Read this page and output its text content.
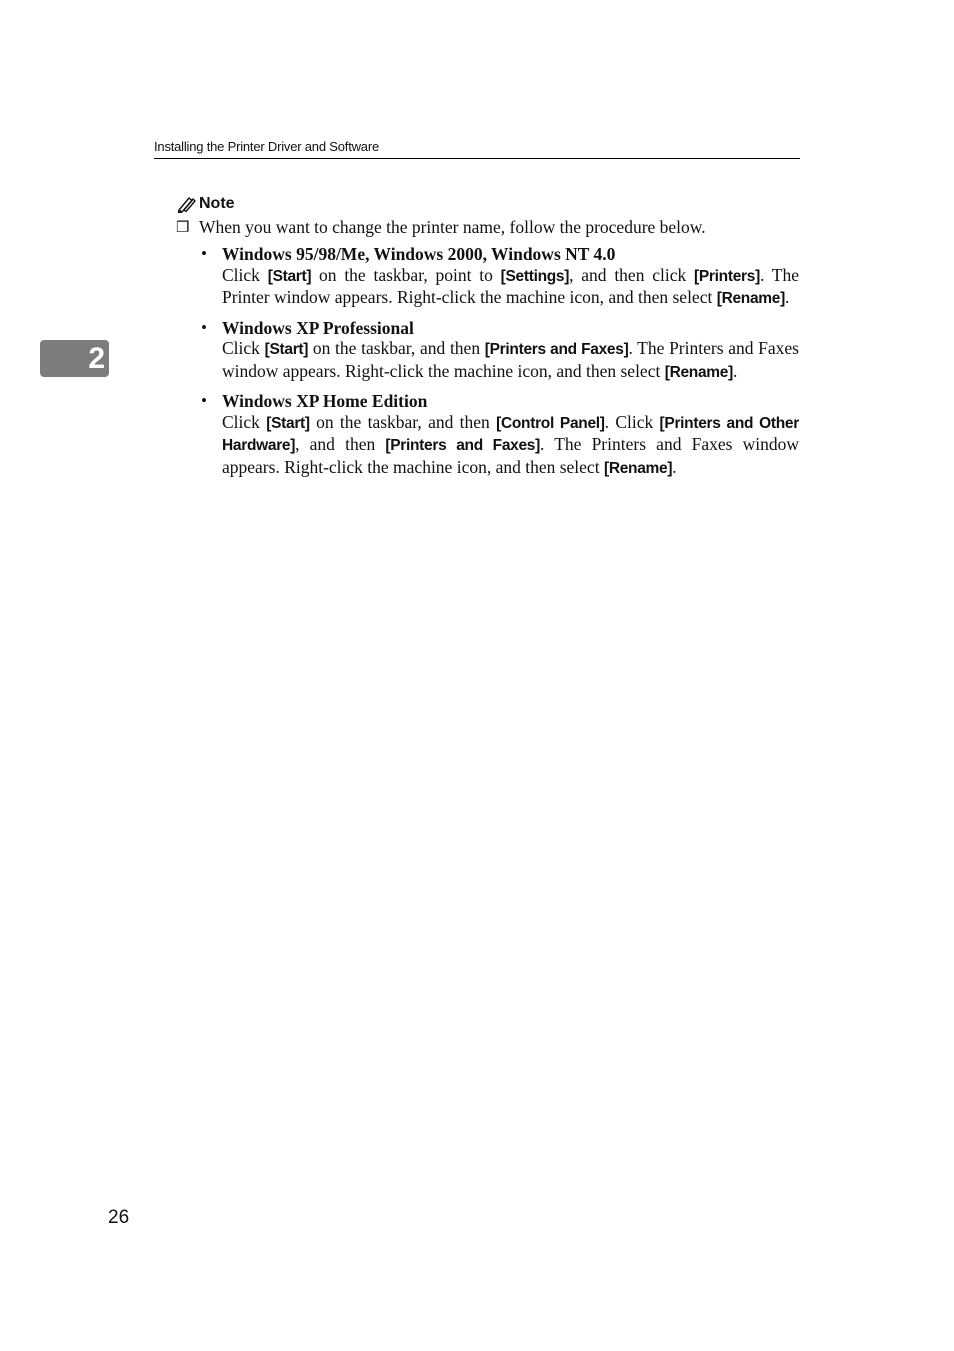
Installing the Printer Driver and Software
2
Note
❒ When you want to change the printer name, follow the procedure below.
• Windows 95/98/Me, Windows 2000, Windows NT 4.0
Click [Start] on the taskbar, point to [Settings], and then click [Printers]. The Printer window appears. Right-click the machine icon, and then select [Rename].
• Windows XP Professional
Click [Start] on the taskbar, and then [Printers and Faxes]. The Printers and Faxes window appears. Right-click the machine icon, and then select [Rename].
• Windows XP Home Edition
Click [Start] on the taskbar, and then [Control Panel]. Click [Printers and Other Hardware], and then [Printers and Faxes]. The Printers and Faxes window appears. Right-click the machine icon, and then select [Rename].
26
